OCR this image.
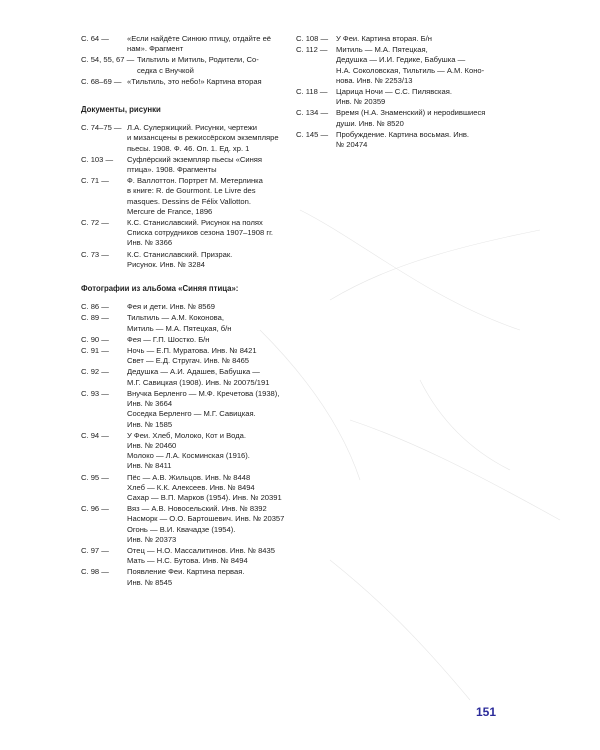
С. 64 —	«Если найдёте Синюю птицу, отдайте её
нам». Фрагмент
С. 54, 55, 67 — Тильтиль и Митиль, Родители, Со-
седка с Внучкой
С. 68–69 — «Тильтиль, это небо!» Картина вторая
Документы, рисунки
С. 74–75 — Л.А. Сулержицкий. Рисунки, чертежи
и мизансцены в режиссёрском экземпляре
пьесы. 1908. Ф. 46. Оп. 1. Ед. хр. 1
С. 103 —	Суфлёрский экземпляр пьесы «Синяя
птица». 1908. Фрагменты
С. 71 —	Ф. Валлоттон. Портрет М. Метерлинка
в книге: R. de Gourmont. Le Livre des
masques. Dessins de Félix Vallotton.
Mercure de France, 1896
С. 72 —	К.С. Станиславский. Рисунок на полях
Списка сотрудников сезона 1907–1908 гг.
Инв. № 3366
С. 73 —	К.С. Станиславский. Призрак.
Рисунок. Инв. № 3284
Фотографии из альбома «Синяя птица»:
С. 86 —	Фея и дети. Инв. № 8569
С. 89 —	Тильтиль — А.М. Коконова,
Митиль — М.А. Пятецкая, б/н
С. 90 —	Фея — Г.П. Шостко. Б/н
С. 91 —	Ночь — Е.П. Муратова. Инв. № 8421
Свет — Е.Д. Стругач. Инв. № 8465
С. 92 —	Дедушка — А.И. Адашев, Бабушка —
М.Г. Савицкая (1908). Инв. № 20075/191
С. 93 —	Внучка Берленго — М.Ф. Кречетова (1938),
Инв. № 3664
Соседка Берленго — М.Г. Савицкая.
Инв. № 1585
С. 94 —	У Феи. Хлеб, Молоко, Кот и Вода.
Инв. № 20460
Молоко — Л.А. Косминская (1916).
Инв. № 8411
С. 95 —	Пёс — А.В. Жильцов. Инв. № 8448
Хлеб — К.К. Алексеев. Инв. № 8494
Сахар — В.П. Марков (1954). Инв. № 20391
С. 96 —	Вяз — А.В. Новосельский. Инв. № 8392
Насморк — О.О. Бартошевич. Инв. № 20357
Огонь — В.И. Квачадзе (1954).
Инв. № 20373
С. 97 —	Отец — Н.О. Массалитинов. Инв. № 8435
Мать — Н.С. Бутова. Инв. № 8494
С. 98 —	Появление Феи. Картина первая.
Инв. № 8545
С. 108 —	У Феи. Картина вторая. Б/н
С. 112 —	Митиль — М.А. Пятецкая,
Дедушка — И.И. Гедике, Бабушка —
Н.А. Соколовская, Тильтиль — А.М. Коно-
нова. Инв. № 2253/13
С. 118 —	Царица Ночи — С.С. Пилявская.
Инв. № 20359
С. 134 —	Время (Н.А. Знаменский) и нерodившиеся
души. Инв. № 8520
С. 145 —	Пробуждение. Картина восьмая. Инв.
№ 20474
151
